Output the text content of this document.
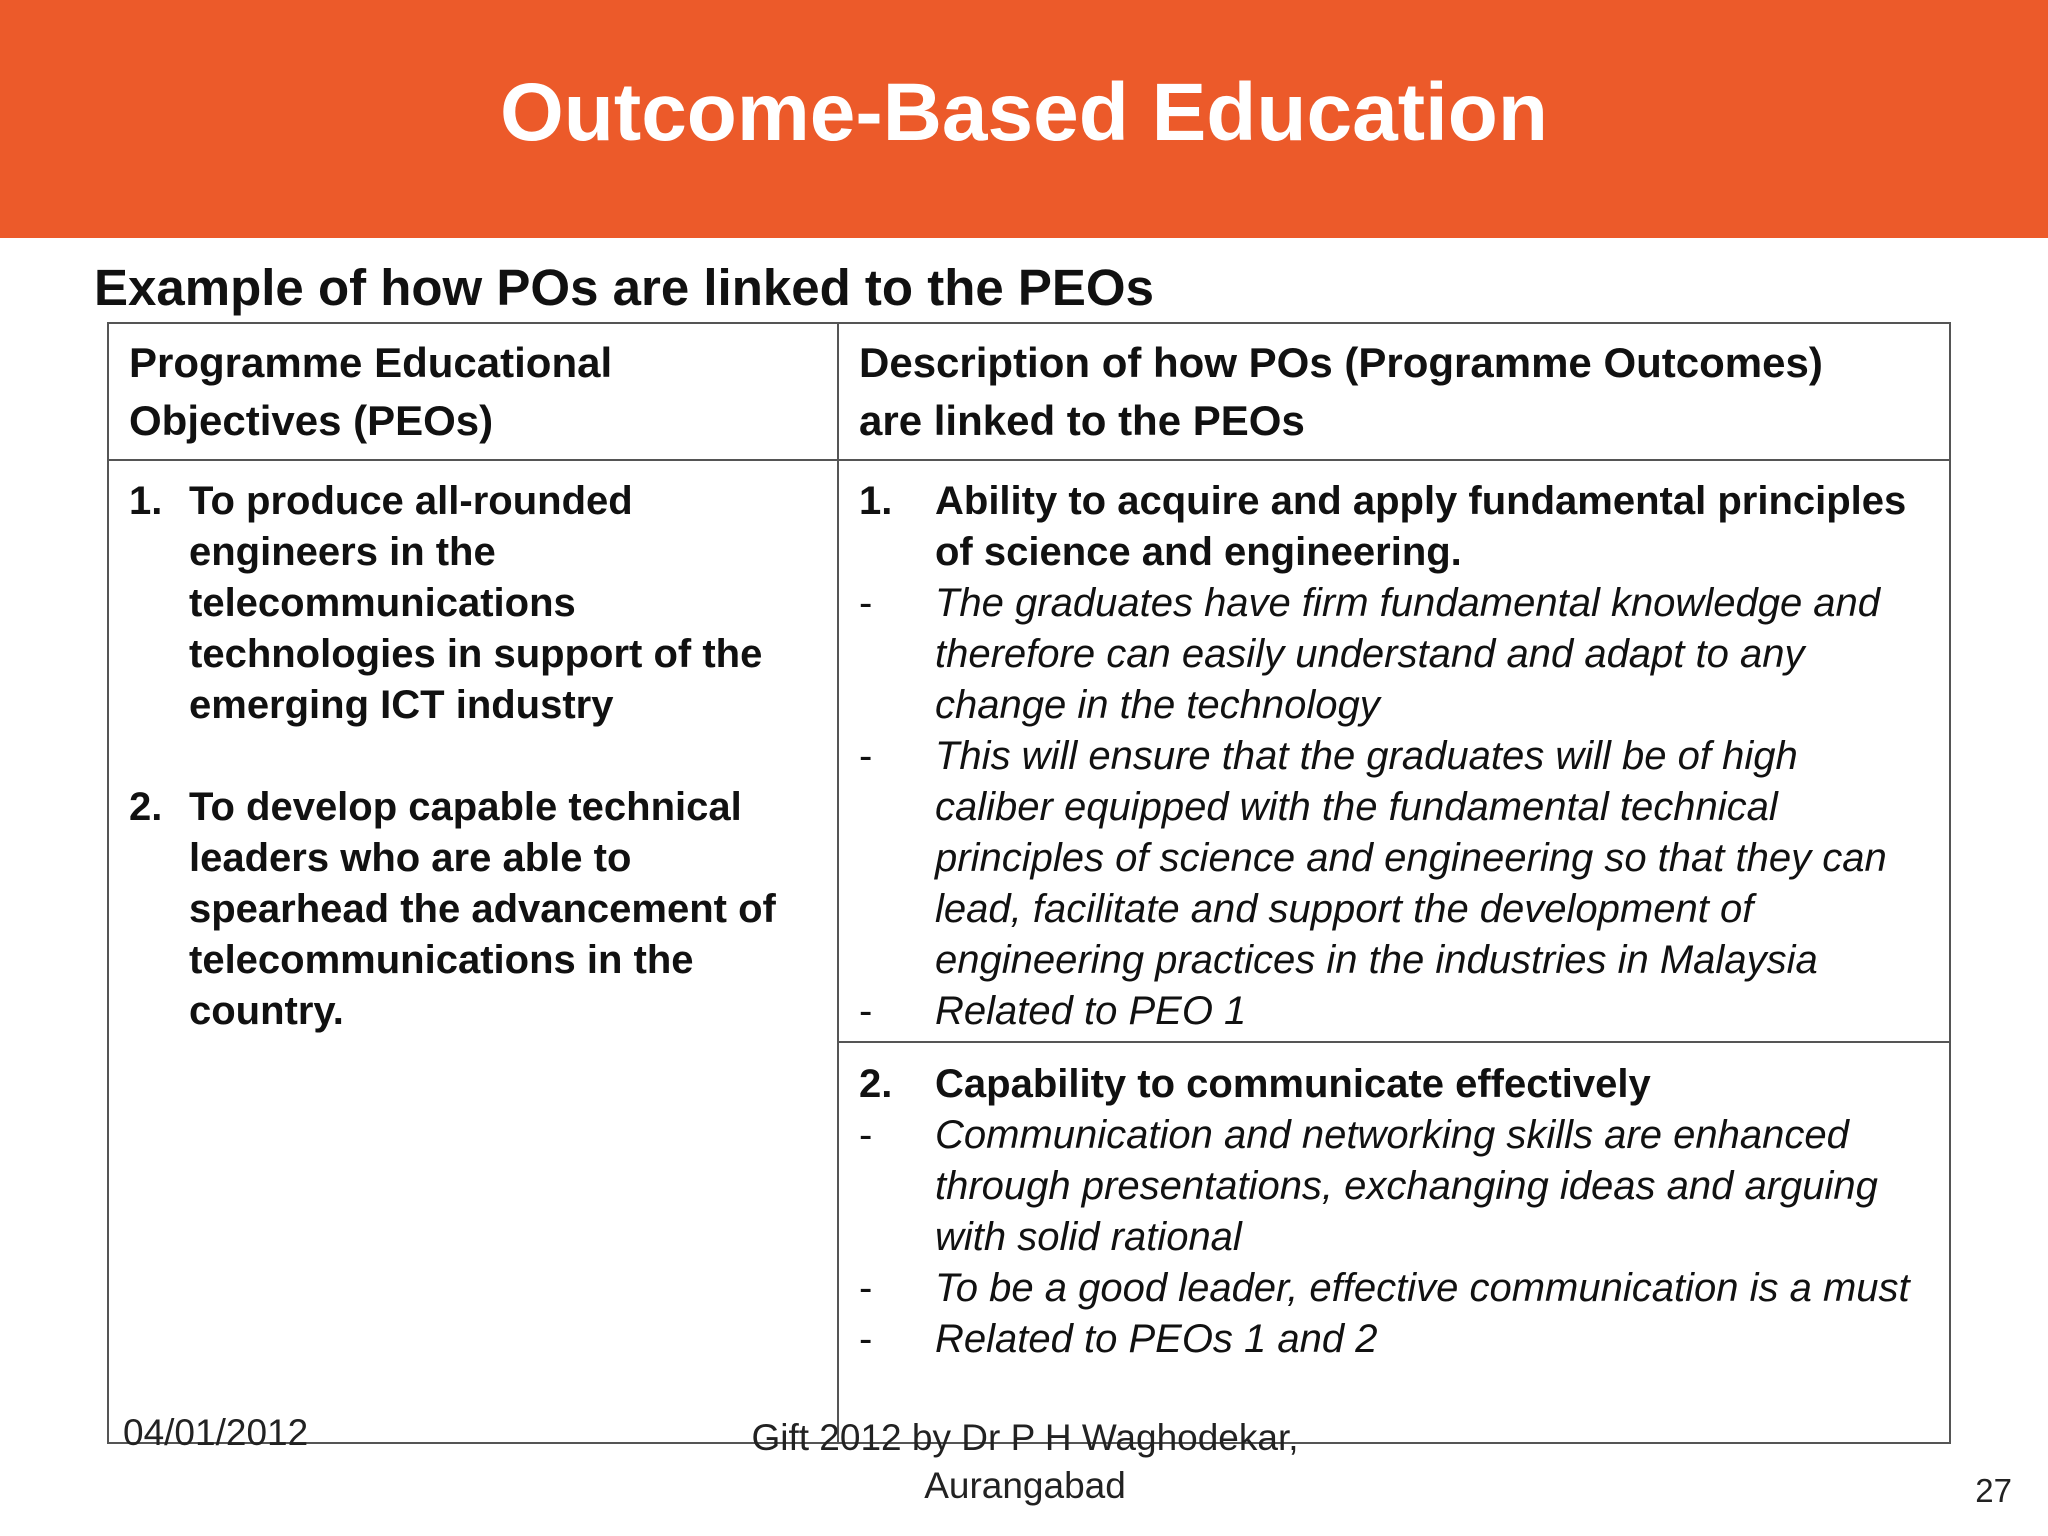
Outcome-Based Education
Example of how POs are linked to the PEOs
Programme Educational Objectives (PEOs)
Description of how POs (Programme Outcomes) are linked to the PEOs
1. To produce all-rounded engineers in the telecommunications technologies in support of the emerging ICT industry
2. To develop capable technical leaders who are able to spearhead the advancement of telecommunications in the country.
1. Ability to acquire and apply fundamental principles of science and engineering.
- The graduates have firm fundamental knowledge and therefore can easily understand and adapt to any change in the technology
- This will ensure that the graduates will be of high caliber equipped with the fundamental technical principles of science and engineering so that they can lead, facilitate and support the development of engineering practices in the industries in Malaysia
- Related to PEO 1
2. Capability to communicate effectively
- Communication and networking skills are enhanced through presentations, exchanging ideas and arguing with solid rational
- To be a good leader, effective communication is a must
- Related to PEOs 1 and 2
04/01/2012	Gift 2012 by Dr P H Waghodekar,
Aurangabad	27
